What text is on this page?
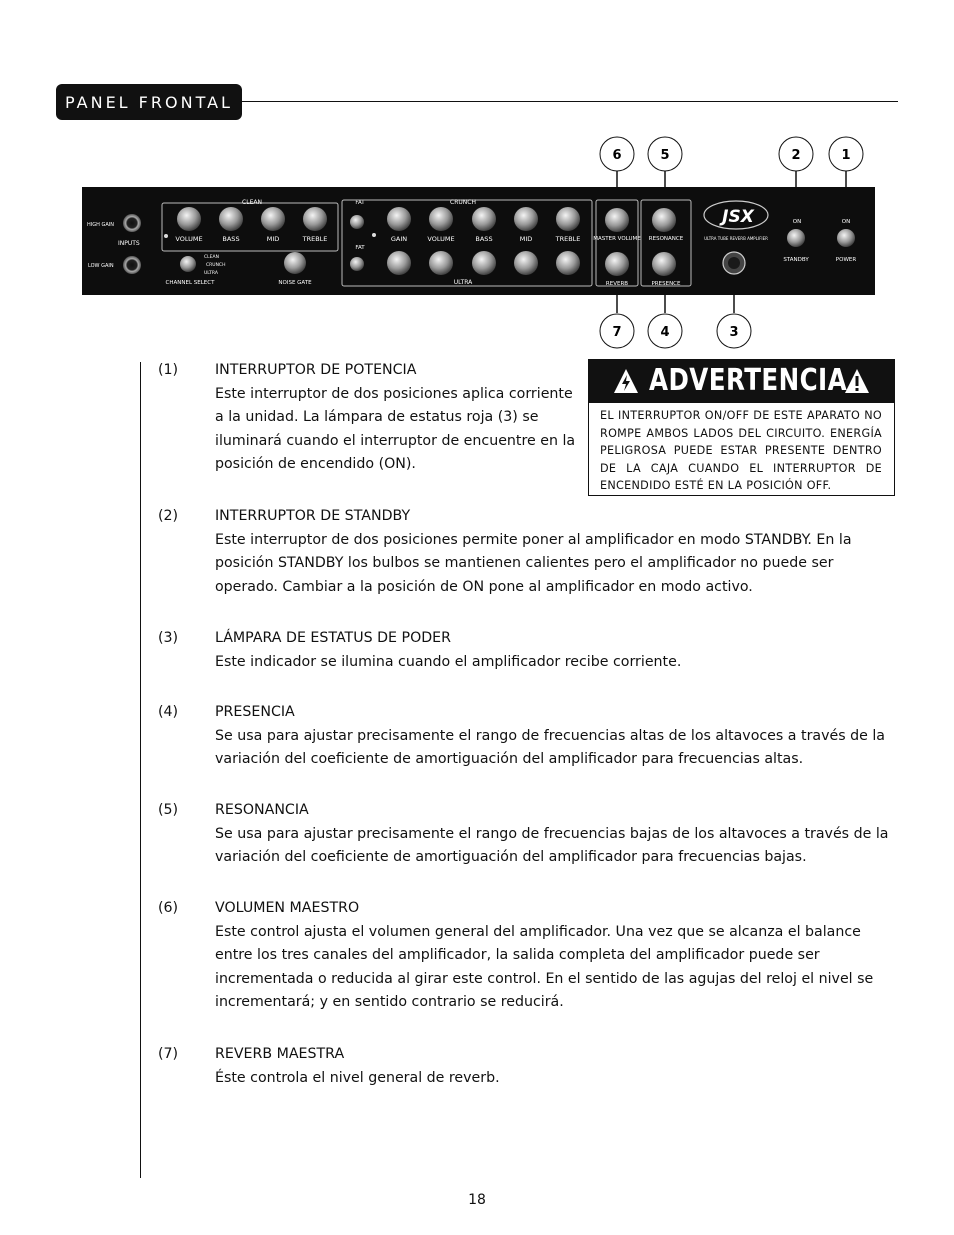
PANEL FRONTAL
6	5	2	1
7	4	3
HIGH GAIN
LOW GAIN
INPUTS
CLEAN
CLEAN
CRUNCH
ULTRA
CHANNEL SELECT	NOISE GATE
FAT
FAT
CRUNCH
ULTRA
MASTER VOLUME
REVERB
RESONANCE
PRESENCE
JSX
ULTRA TUBE REVERB AMPLIFIER
ON	ON
STANDBY	POWER
VOLUME	BASS	MID	TREBLE	GAIN	VOLUME	BASS	MID	TREBLE
(1)	INTERRUPTOR DE POTENCIA
Este interruptor de dos posiciones aplica corriente a la unidad. La lámpara de estatus roja (3) se iluminará cuando el interruptor de encuentre en la posición de encendido (ON).
ADVERTENCIA
EL INTERRUPTOR ON/OFF DE ESTE APARATO NO ROMPE AMBOS LADOS DEL CIRCUITO. ENERGÍA PELIGROSA PUEDE ESTAR PRESENTE DENTRO DE LA CAJA CUANDO EL INTERRUPTOR DE ENCENDIDO ESTÉ EN LA POSICIÓN OFF.
(2)	INTERRUPTOR DE STANDBY
Este interruptor de dos posiciones permite poner al amplificador en modo STANDBY. En la posición STANDBY los bulbos se mantienen calientes pero el amplificador no puede ser operado. Cambiar a la posición de ON pone al amplificador en modo activo.
(3)	LÁMPARA DE ESTATUS DE PODER
Este indicador se ilumina cuando el amplificador recibe corriente.
(4)	PRESENCIA
Se usa para ajustar precisamente el rango de frecuencias altas de los altavoces a través de la variación del coeficiente de amortiguación del amplificador para frecuencias altas.
(5)	RESONANCIA
Se usa para ajustar precisamente el rango de frecuencias bajas de los altavoces a través de la variación del coeficiente de amortiguación del amplificador para frecuencias bajas.
(6)	VOLUMEN MAESTRO
Este control ajusta el volumen general del amplificador. Una vez que se alcanza el balance entre los tres canales del amplificador, la salida completa del amplificador puede ser incrementada o reducida al girar este control. En el sentido de las agujas del reloj el nivel se incrementará; y en sentido contrario se reducirá.
(7)	REVERB MAESTRA
Éste controla el nivel general de reverb.
18
